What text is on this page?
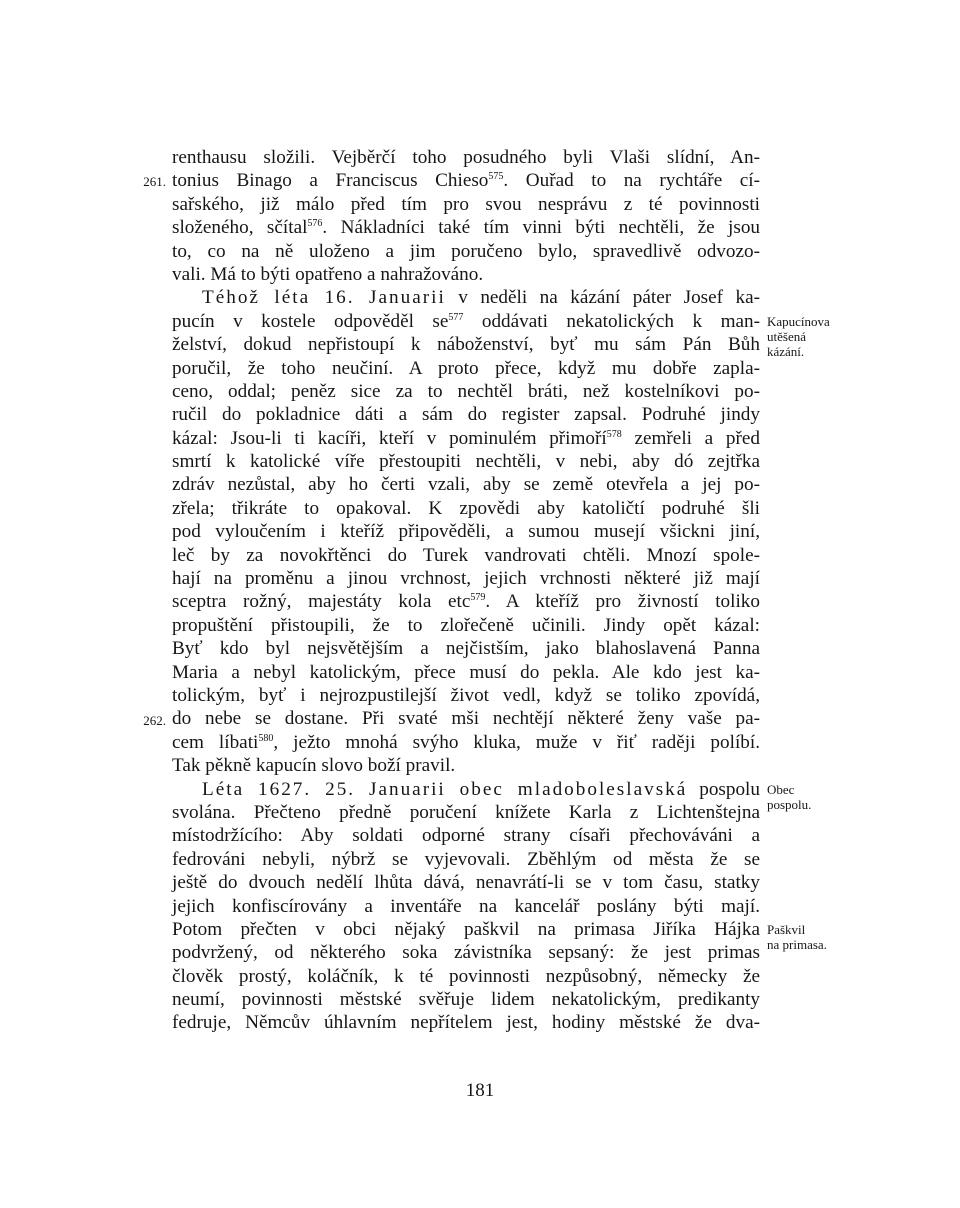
renthausu složili. Vejběrčí toho posudného byli Vlaši slídní, An-
tonius Binago a Franciscus Chieso$^{575}$. Ouřad to na rychtáře cí-
sařského, již málo před tím pro svou nesprávu z té povinnosti
složeného, sčítal$^{576}$. Nákladníci také tím vinni býti nechtěli, že jsou
to, co na ně uloženo a jim poručeno bylo, spravedlivě odvozo-
vali. Má to býti opatřeno a nahražováno.
Téhož léta 16. Januarii v neděli na kázání páter Josef ka-
pucín v kostele odpověděl $se^{577}$ oddávati nekatolických k man-
želství, dokud nepřistoupí k náboženství, byť mu sám Pán Bůh
poručil, že toho neučiní. A proto přece, když mu dobře zapla-
ceno, oddal; peněz sice za to nechtěl bráti, než kostelníkovi po-
ručil do pokladnice dáti a sám do register zapsal. Podruhé jindy
kázal: Jsou-li ti kacíři, kteří v pominulém přimoří$^{578}$ zemřeli a před
smrtí k katolické víře přestoupiti nechtěli, v nebi, aby dó zejtřka
zdráv nezůstal, aby ho čerti vzali, aby se země otevřela a jej po-
zřela; třikráte to opakoval. K zpovědi aby katoličtí podruhé šli
pod vyloučením i kteříž připověděli, a sumou musejí všickni jiní,
leč by za novokřtěnci do Turek vandrovati chtěli. Mnozí spole-
hají na proměnu a jinou vrchnost, jejich vrchnosti některé již mají
sceptra rožný, majestáty kola etc$^{579}$. A kteříž pro živností toliko
propuštění přistoupili, že to zlořečeně učinili. Jindy opět kázal:
Byť kdo byl nejsvětějším a nejčistším, jako blahoslavená Panna
Maria a nebyl katolickým, přece musí do pekla. Ale kdo jest ka-
tolickým, byť i nejrozpustilejší život vedl, když se toliko zpovídá,
do nebe se dostane. Při svaté mši nechtějí některé ženy vaše pa-
cem líbati$^{580}$, ježto mnohá svýho kluka, muže v řiť raději políbí.
Tak pěkně kapucín slovo boží pravil.
Léta 1627. 25. Januarii obec mladoboleslavská pospolu
svolána. Přečteno předně poručení knížete Karla z Lichtenštejna
místodržícího: Aby soldati odporné strany císaři přechováváni a
fedrováni nebyli, nýbrž se vyjevovali. Zběhlým od města že se
ještě do dvouch nedělí lhůta dává, nenavrátí-li se v tom času, statky
jejich konfiscírovány a inventáře na kancelář poslány býti mají.
Potom přečten v obci nějaký paškvil na primasa Jiříka Hájka
podvržený, od některého soka závistníka sepsaný: že jest primas
člověk prostý, koláčník, k té povinnosti nezpůsobný, německy že
neumí, povinnosti městské svěřuje lidem nekatolickým, predikanty
fedruje, Němcův úhlavním nepřítelem jest, hodiny městské že dva-
261.
262.
Kapucínova
utěšená
kázání.
Obec
pospolu.
Paškvil
na primasa.
181
